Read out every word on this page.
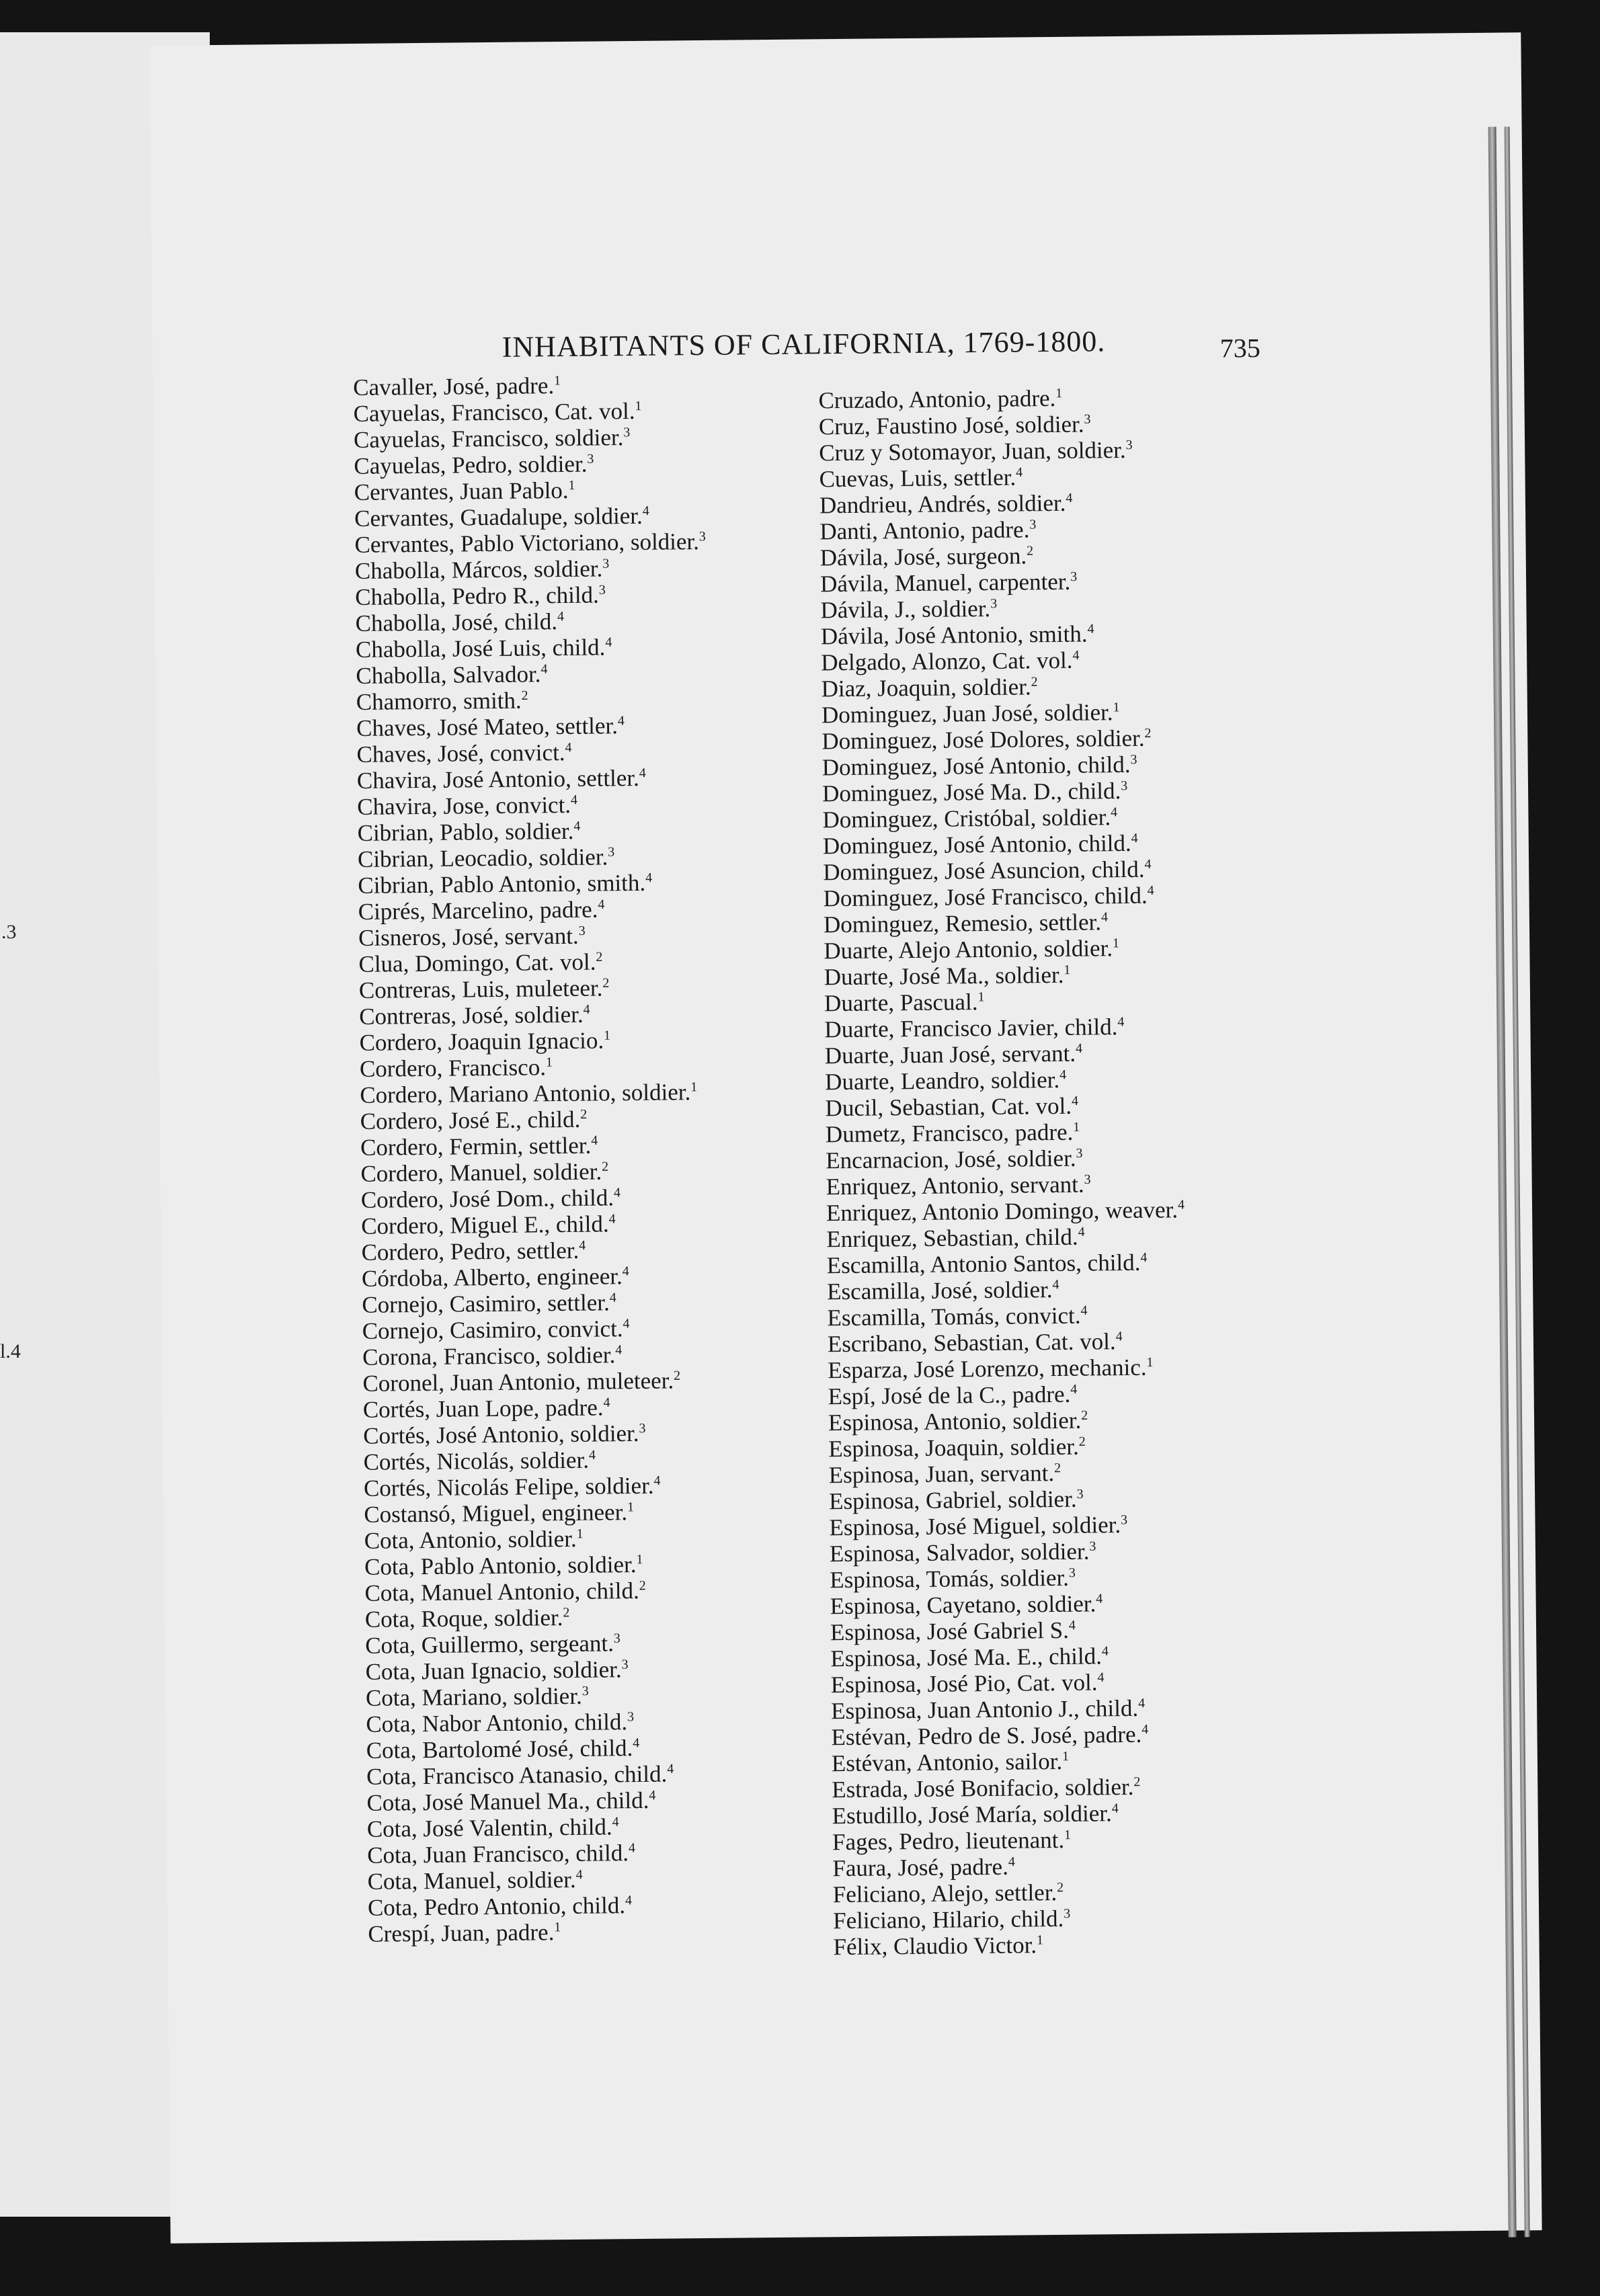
.3
l.4
INHABITANTS OF CALIFORNIA, 1769-1800.	735
Cavaller, José, padre.$^1$
Cayuelas, Francisco, Cat. vol.$^1$
Cayuelas, Francisco, soldier.$^3$
Cayuelas, Pedro, soldier.$^3$
Cervantes, Juan Pablo.$^1$
Cervantes, Guadalupe, soldier.$^4$
Cervantes, Pablo Victoriano, soldier.$^3$
Chabolla, Márcos, soldier.$^3$
Chabolla, Pedro R., child.$^3$
Chabolla, José, child.$^4$
Chabolla, José Luis, child.$^4$
Chabolla, Salvador.$^4$
Chamorro, smith.$^2$
Chaves, José Mateo, settler.$^4$
Chaves, José, convict.$^4$
Chavira, José Antonio, settler.$^4$
Chavira, Jose, convict.$^4$
Cibrian, Pablo, soldier.$^4$
Cibrian, Leocadio, soldier.$^3$
Cibrian, Pablo Antonio, smith.$^4$
Ciprés, Marcelino, padre.$^4$
Cisneros, José, servant.$^3$
Clua, Domingo, Cat. vol.$^2$
Contreras, Luis, muleteer.$^2$
Contreras, José, soldier.$^4$
Cordero, Joaquin Ignacio.$^1$
Cordero, Francisco.$^1$
Cordero, Mariano Antonio, soldier.$^1$
Cordero, José E., child.$^2$
Cordero, Fermin, settler.$^4$
Cordero, Manuel, soldier.$^2$
Cordero, José Dom., child.$^4$
Cordero, Miguel E., child.$^4$
Cordero, Pedro, settler.$^4$
Córdoba, Alberto, engineer.$^4$
Cornejo, Casimiro, settler.$^4$
Cornejo, Casimiro, convict.$^4$
Corona, Francisco, soldier.$^4$
Coronel, Juan Antonio, muleteer.$^2$
Cortés, Juan Lope, padre.$^4$
Cortés, José Antonio, soldier.$^3$
Cortés, Nicolás, soldier.$^4$
Cortés, Nicolás Felipe, soldier.$^4$
Costansó, Miguel, engineer.$^1$
Cota, Antonio, soldier.$^1$
Cota, Pablo Antonio, soldier.$^1$
Cota, Manuel Antonio, child.$^2$
Cota, Roque, soldier.$^2$
Cota, Guillermo, sergeant.$^3$
Cota, Juan Ignacio, soldier.$^3$
Cota, Mariano, soldier.$^3$
Cota, Nabor Antonio, child.$^3$
Cota, Bartolomé José, child.$^4$
Cota, Francisco Atanasio, child.$^4$
Cota, José Manuel Ma., child.$^4$
Cota, José Valentin, child.$^4$
Cota, Juan Francisco, child.$^4$
Cota, Manuel, soldier.$^4$
Cota, Pedro Antonio, child.$^4$
Crespí, Juan, padre.$^1$
Cruzado, Antonio, padre.$^1$
Cruz, Faustino José, soldier.$^3$
Cruz y Sotomayor, Juan, soldier.$^3$
Cuevas, Luis, settler.$^4$
Dandrieu, Andrés, soldier.$^4$
Danti, Antonio, padre.$^3$
Dávila, José, surgeon.$^2$
Dávila, Manuel, carpenter.$^3$
Dávila, J., soldier.$^3$
Dávila, José Antonio, smith.$^4$
Delgado, Alonzo, Cat. vol.$^4$
Diaz, Joaquin, soldier.$^2$
Dominguez, Juan José, soldier.$^1$
Dominguez, José Dolores, soldier.$^2$
Dominguez, José Antonio, child.$^3$
Dominguez, José Ma. D., child.$^3$
Dominguez, Cristóbal, soldier.$^4$
Dominguez, José Antonio, child.$^4$
Dominguez, José Asuncion, child.$^4$
Dominguez, José Francisco, child.$^4$
Dominguez, Remesio, settler.$^4$
Duarte, Alejo Antonio, soldier.$^1$
Duarte, José Ma., soldier.$^1$
Duarte, Pascual.$^1$
Duarte, Francisco Javier, child.$^4$
Duarte, Juan José, servant.$^4$
Duarte, Leandro, soldier.$^4$
Ducil, Sebastian, Cat. vol.$^4$
Dumetz, Francisco, padre.$^1$
Encarnacion, José, soldier.$^3$
Enriquez, Antonio, servant.$^3$
Enriquez, Antonio Domingo, weaver.$^4$
Enriquez, Sebastian, child.$^4$
Escamilla, Antonio Santos, child.$^4$
Escamilla, José, soldier.$^4$
Escamilla, Tomás, convict.$^4$
Escribano, Sebastian, Cat. vol.$^4$
Esparza, José Lorenzo, mechanic.$^1$
Espí, José de la C., padre.$^4$
Espinosa, Antonio, soldier.$^2$
Espinosa, Joaquin, soldier.$^2$
Espinosa, Juan, servant.$^2$
Espinosa, Gabriel, soldier.$^3$
Espinosa, José Miguel, soldier.$^3$
Espinosa, Salvador, soldier.$^3$
Espinosa, Tomás, soldier.$^3$
Espinosa, Cayetano, soldier.$^4$
Espinosa, José Gabriel S.$^4$
Espinosa, José Ma. E., child.$^4$
Espinosa, José Pio, Cat. vol.$^4$
Espinosa, Juan Antonio J., child.$^4$
Estévan, Pedro de S. José, padre.$^4$
Estévan, Antonio, sailor.$^1$
Estrada, José Bonifacio, soldier.$^2$
Estudillo, José María, soldier.$^4$
Fages, Pedro, lieutenant.$^1$
Faura, José, padre.$^4$
Feliciano, Alejo, settler.$^2$
Feliciano, Hilario, child.$^3$
Félix, Claudio Victor.$^1$
